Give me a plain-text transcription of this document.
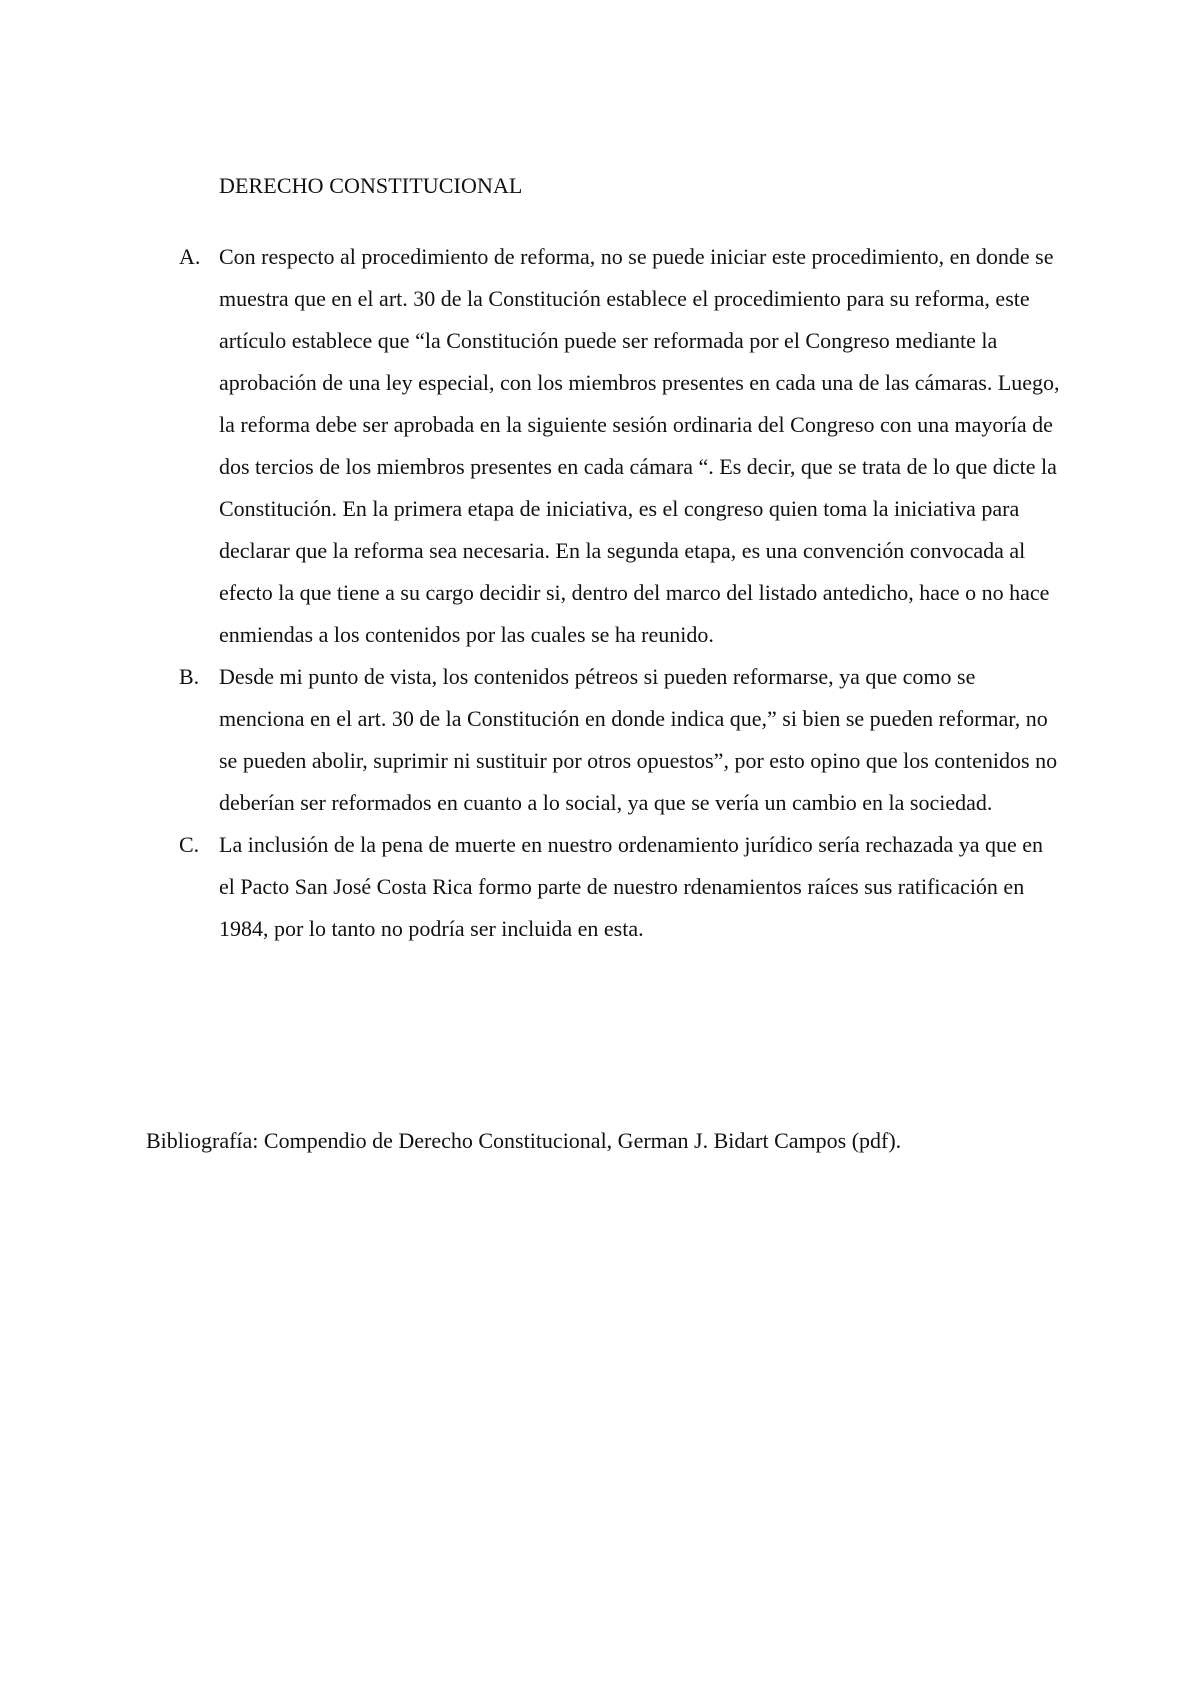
DERECHO CONSTITUCIONAL
A. Con respecto al procedimiento de reforma, no se puede iniciar este procedimiento, en donde se muestra que en el art. 30 de la Constitución establece el procedimiento para su reforma, este artículo establece que “la Constitución puede ser reformada por el Congreso mediante la aprobación de una ley especial, con los miembros presentes en cada una de las cámaras. Luego, la reforma debe ser aprobada en la siguiente sesión ordinaria del Congreso con una mayoría de dos tercios de los miembros presentes en cada cámara “. Es decir, que se trata de lo que dicte la Constitución. En la primera etapa de iniciativa, es el congreso quien toma la iniciativa para declarar que la reforma sea necesaria. En la segunda etapa, es una convención convocada al efecto la que tiene a su cargo decidir si, dentro del marco del listado antedicho, hace o no hace enmiendas a los contenidos por las cuales se ha reunido.
B. Desde mi punto de vista, los contenidos pétreos si pueden reformarse, ya que como se menciona en el art. 30 de la Constitución en donde indica que,” si bien se pueden reformar, no se pueden abolir, suprimir ni sustituir por otros opuestos”, por esto opino que los contenidos no deberían ser reformados en cuanto a lo social, ya que se vería un cambio en la sociedad.
C. La inclusión de la pena de muerte en nuestro ordenamiento jurídico sería rechazada ya que en el Pacto San José Costa Rica formo parte de nuestro rdenamientos raíces sus ratificación en 1984, por lo tanto no podría ser incluida en esta.
Bibliografía: Compendio de Derecho Constitucional, German J. Bidart Campos (pdf).
